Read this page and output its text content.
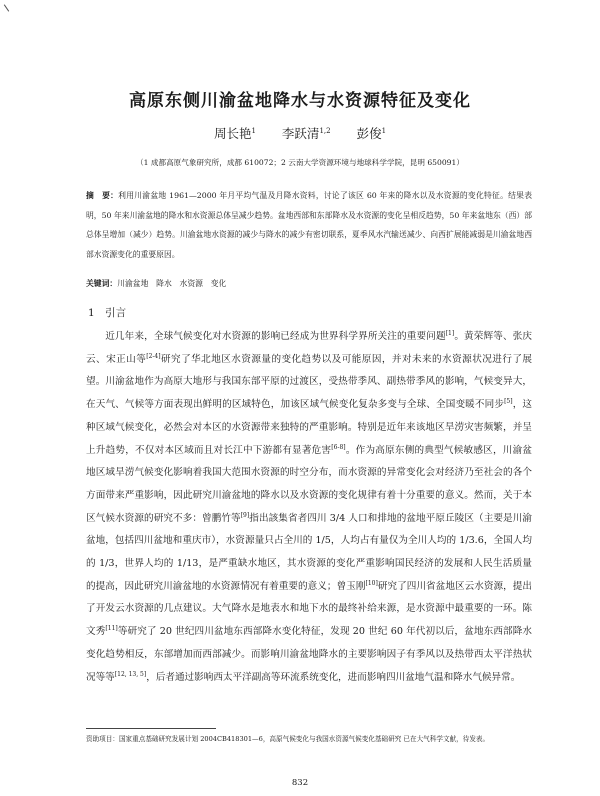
高原东侧川渝盆地降水与水资源特征及变化
周长艳$^1$ 李跃清$^{1,2}$ 彭俊$^1$
（1 成都高原气象研究所，成都 610072；2 云南大学资源环境与地球科学学院，昆明 650091）
摘　要：利用川渝盆地 1961—2000 年月平均气温及月降水资料，讨论了该区 60 年来的降水以及水资源的变化特征。结果表明，50 年来川渝盆地的降水和水资源总体呈减少趋势。盆地西部和东部降水及水资源的变化呈相反趋势，50 年来盆地东（西）部总体呈增加（减少）趋势。川渝盆地水资源的减少与降水的减少有密切联系，夏季风水汽输送减少、向西扩展能减弱是川渝盆地西部水资源变化的重要原因。
关键词：川渝盆地　降水　水资源　变化
1　引言
近几年来，全球气候变化对水资源的影响已经成为世界科学界所关注的重要问题[1]。黄荣辉等、张庆云、宋正山等[2-4]研究了华北地区水资源量的变化趋势以及可能原因，并对未来的水资源状况进行了展望。川渝盆地作为高原大地形与我国东部平原的过渡区，受热带季风、副热带季风的影响，气候变异大，在天气、气候等方面表现出鲜明的区域特色，加该区域气候变化复杂多变与全球、全国变暖不同步[5]，这种区域气候变化，必然会对本区的水资源带来独特的严重影响。特别是近年来该地区旱涝灾害频繁，并呈上升趋势，不仅对本区域而且对长江中下游都有显著危害[6-8]。作为高原东侧的典型气候敏感区，川渝盆地区域旱涝气候变化影响着我国大范围水资源的时空分布，而水资源的异常变化会对经济乃至社会的各个方面带来严重影响，因此研究川渝盆地的降水以及水资源的变化规律有着十分重要的意义。然而，关于本区气候水资源的研究不多：曾鹏竹等[9]指出該集省者四川 3/4 人口和排地的盆地平原丘陵区（主要是川渝盆地，包括四川盆地和重庆市），水资源量只占全川的 1/5，人均占有量仅为全川人均的 1/3.6，全国人均的 1/3，世界人均的 1/13，是严重缺水地区，其水资源的变化严重影响国民经济的发展和人民生活质量的提高，因此研究川渝盆地的水资源情况有着重要的意义；曾玉刚[10]研究了四川省盆地区云水资源，提出了开发云水资源的几点建议。大气降水是地表水和地下水的最终补给来源，是水资源中最重要的一环。陈文秀[11]等研究了 20 世纪四川盆地东西部降水变化特征，发现 20 世纪 60 年代初以后，盆地东西部降水变化趋势相反，东部增加而西部减少。而影响川渝盆地降水的主要影响因子有季风以及热带西太平洋热状况等等[12, 13, 5]，后者通过影响西太平洋副高等环流系统变化，进而影响四川盆地气温和降水气候异常。
资助项目：国家重点基础研究发展计划 2004CB418301—6，高原气候变化与我国水资源气候变化基础研究 已在大气科学文献，待发表。
832
